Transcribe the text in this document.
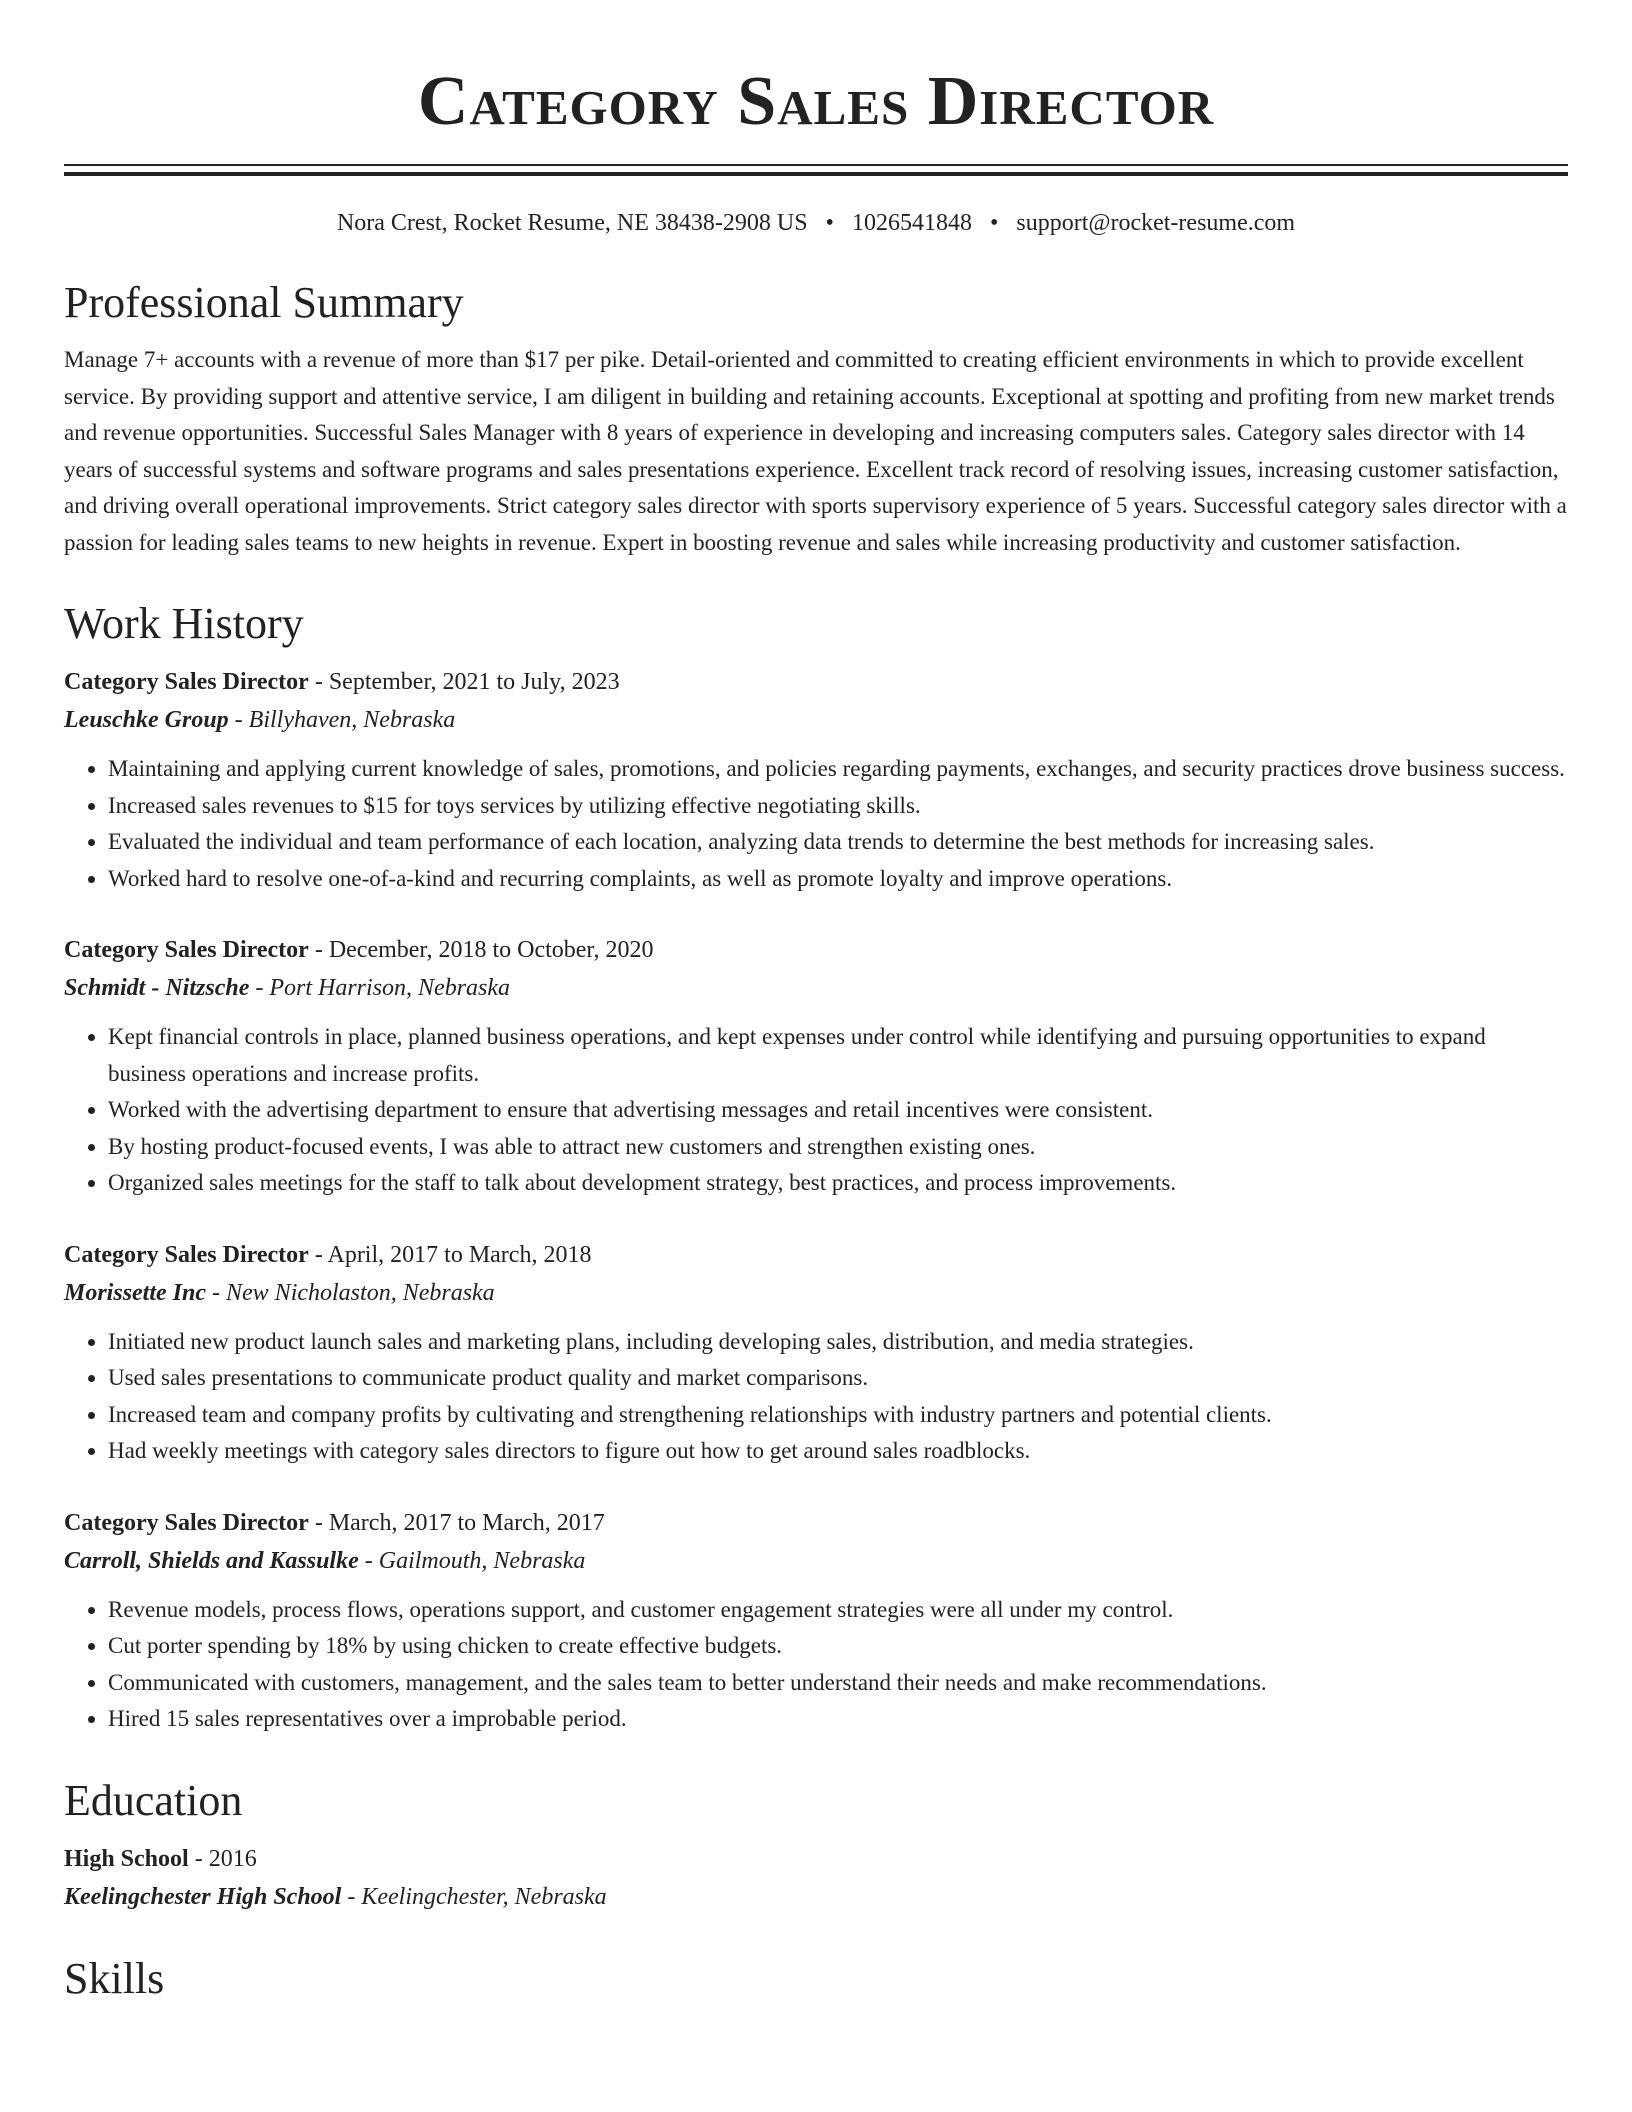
Category Sales Director
Nora Crest, Rocket Resume, NE 38438-2908 US • 1026541848 • support@rocket-resume.com
Professional Summary

Manage 7+ accounts with a revenue of more than $17 per pike. Detail-oriented and committed to creating efficient environments in which to provide excellent service. By providing support and attentive service, I am diligent in building and retaining accounts. Exceptional at spotting and profiting from new market trends and revenue opportunities. Successful Sales Manager with 8 years of experience in developing and increasing computers sales. Category sales director with 14 years of successful systems and software programs and sales presentations experience. Excellent track record of resolving issues, increasing customer satisfaction, and driving overall operational improvements. Strict category sales director with sports supervisory experience of 5 years. Successful category sales director with a passion for leading sales teams to new heights in revenue. Expert in boosting revenue and sales while increasing productivity and customer satisfaction.

Work History
Category Sales Director - September, 2021 to July, 2023
Leuschke Group - Billyhaven, Nebraska
• Maintaining and applying current knowledge of sales, promotions, and policies regarding payments, exchanges, and security practices drove business success.
• Increased sales revenues to $15 for toys services by utilizing effective negotiating skills.
• Evaluated the individual and team performance of each location, analyzing data trends to determine the best methods for increasing sales.
• Worked hard to resolve one-of-a-kind and recurring complaints, as well as promote loyalty and improve operations.
Category Sales Director - December, 2018 to October, 2020
Schmidt - Nitzsche - Port Harrison, Nebraska
• Kept financial controls in place, planned business operations, and kept expenses under control while identifying and pursuing opportunities to expand business operations and increase profits.
• Worked with the advertising department to ensure that advertising messages and retail incentives were consistent.
• By hosting product-focused events, I was able to attract new customers and strengthen existing ones.
• Organized sales meetings for the staff to talk about development strategy, best practices, and process improvements.
Category Sales Director - April, 2017 to March, 2018
Morissette Inc - New Nicholaston, Nebraska
• Initiated new product launch sales and marketing plans, including developing sales, distribution, and media strategies.
• Used sales presentations to communicate product quality and market comparisons.
• Increased team and company profits by cultivating and strengthening relationships with industry partners and potential clients.
• Had weekly meetings with category sales directors to figure out how to get around sales roadblocks.
Category Sales Director - March, 2017 to March, 2017
Carroll, Shields and Kassulke - Gailmouth, Nebraska
• Revenue models, process flows, operations support, and customer engagement strategies were all under my control.
• Cut porter spending by 18% by using chicken to create effective budgets.
• Communicated with customers, management, and the sales team to better understand their needs and make recommendations.
• Hired 15 sales representatives over a improbable period.
Education
High School - 2016
Keelingchester High School - Keelingchester, Nebraska
Skills
